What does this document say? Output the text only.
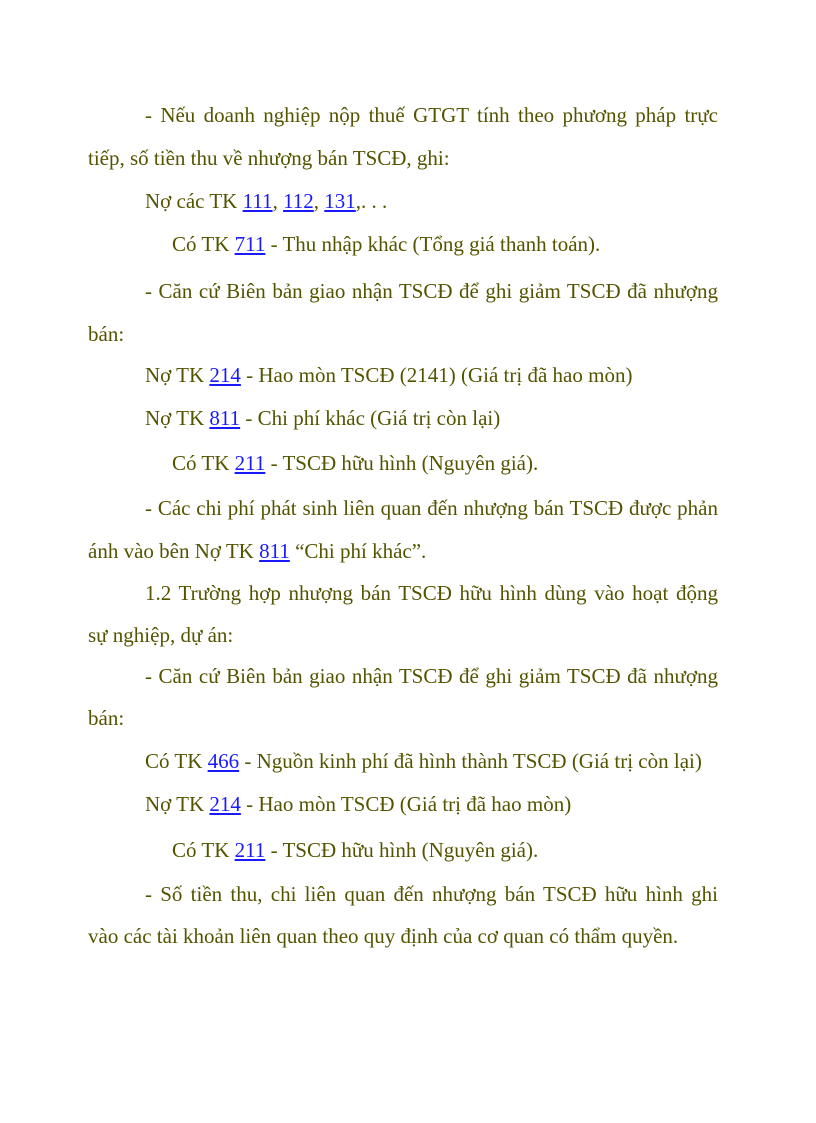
- Nếu doanh nghiệp nộp thuế GTGT tính theo phương pháp trực
tiếp, số tiền thu về nhượng bán TSCĐ, ghi:
Nợ các TK 111, 112, 131,. . .
Có TK 711 - Thu nhập khác (Tổng giá thanh toán).
- Căn cứ Biên bản giao nhận TSCĐ để ghi giảm TSCĐ đã nhượng
bán:
Nợ TK 214 - Hao mòn TSCĐ (2141) (Giá trị đã hao mòn)
Nợ TK 811 - Chi phí khác (Giá trị còn lại)
Có TK 211 - TSCĐ hữu hình (Nguyên giá).
- Các chi phí phát sinh liên quan đến nhượng bán TSCĐ được phản
ánh vào bên Nợ TK 811 “Chi phí khác”.
1.2 Trường hợp nhượng bán TSCĐ hữu hình dùng vào hoạt động
sự nghiệp, dự án:
- Căn cứ Biên bản giao nhận TSCĐ để ghi giảm TSCĐ đã nhượng
bán:
Có TK 466 - Nguồn kinh phí đã hình thành TSCĐ (Giá trị còn lại)
Nợ TK 214 - Hao mòn TSCĐ (Giá trị đã hao mòn)
Có TK 211 - TSCĐ hữu hình (Nguyên giá).
- Số tiền thu, chi liên quan đến nhượng bán TSCĐ hữu hình ghi
vào các tài khoản liên quan theo quy định của cơ quan có thẩm quyền.
